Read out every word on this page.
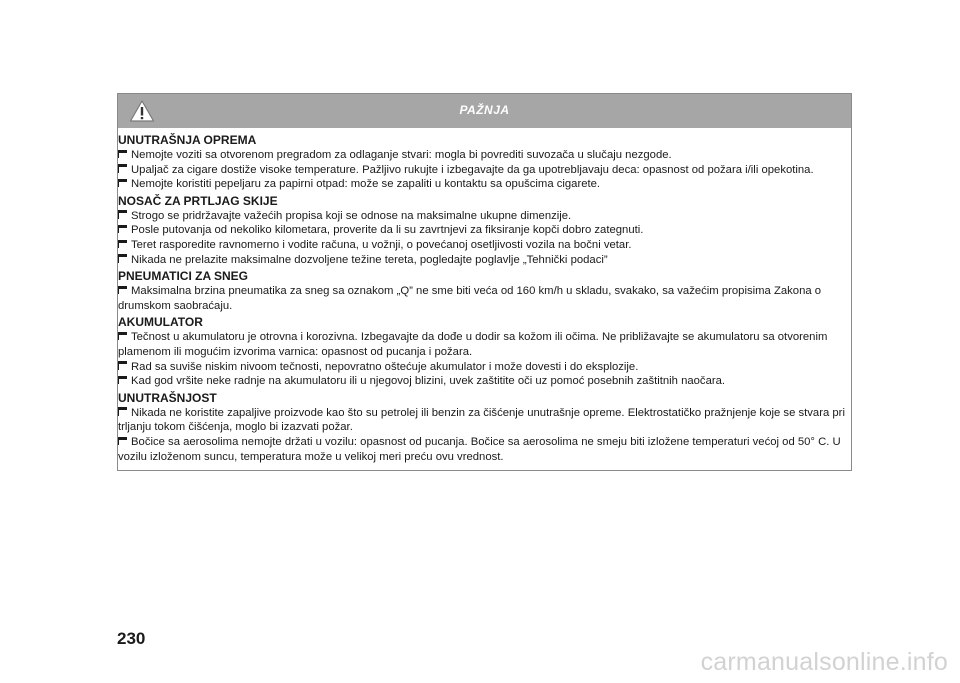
PAŽNJA
UNUTRAŠNJA OPREMA
Nemojte voziti sa otvorenom pregradom za odlaganje stvari: mogla bi povrediti suvozača u slučaju nezgode.
Upaljač za cigare dostiže visoke temperature. Pažljivo rukujte i izbegavajte da ga upotrebljavaju deca: opasnost od požara i/ili opekotina.
Nemojte koristiti pepeljaru za papirni otpad: može se zapaliti u kontaktu sa opušcima cigarete.
NOSAČ ZA PRTLJAG SKIJE
Strogo se pridržavajte važećih propisa koji se odnose na maksimalne ukupne dimenzije.
Posle putovanja od nekoliko kilometara, proverite da li su zavrtnjevi za fiksiranje kopči dobro zategnuti.
Teret rasporedite ravnomerno i vodite računa, u vožnji, o povećanoj osetljivosti vozila na bočni vetar.
Nikada ne prelazite maksimalne dozvoljene težine tereta, pogledajte poglavlje „Tehnički podaci”
PNEUMATICI ZA SNEG
Maksimalna brzina pneumatika za sneg sa oznakom „Q” ne sme biti veća od 160 km/h u skladu, svakako, sa važećim propisima Zakona o drumskom saobraćaju.
AKUMULATOR
Tečnost u akumulatoru je otrovna i korozivna. Izbegavajte da dođe u dodir sa kožom ili očima. Ne približavajte se akumulatoru sa otvorenim plamenom ili mogućim izvorima varnica: opasnost od pucanja i požara.
Rad sa suviše niskim nivoom tečnosti, nepovratno oštećuje akumulator i može dovesti i do eksplozije.
Kad god vršite neke radnje na akumulatoru ili u njegovoj blizini, uvek zaštitite oči uz pomoć posebnih zaštitnih naočara.
UNUTRAŠNJOST
Nikada ne koristite zapaljive proizvode kao što su petrolej ili benzin za čišćenje unutrašnje opreme. Elektrostatičko pražnjenje koje se stvara pri trljanju tokom čišćenja, moglo bi izazvati požar.
Bočice sa aerosolima nemojte držati u vozilu: opasnost od pucanja. Bočice sa aerosolima ne smeju biti izložene temperaturi većoj od 50° C. U vozilu izloženom suncu, temperatura može u velikoj meri preću ovu vrednost.
230
carmanualsonline.info
